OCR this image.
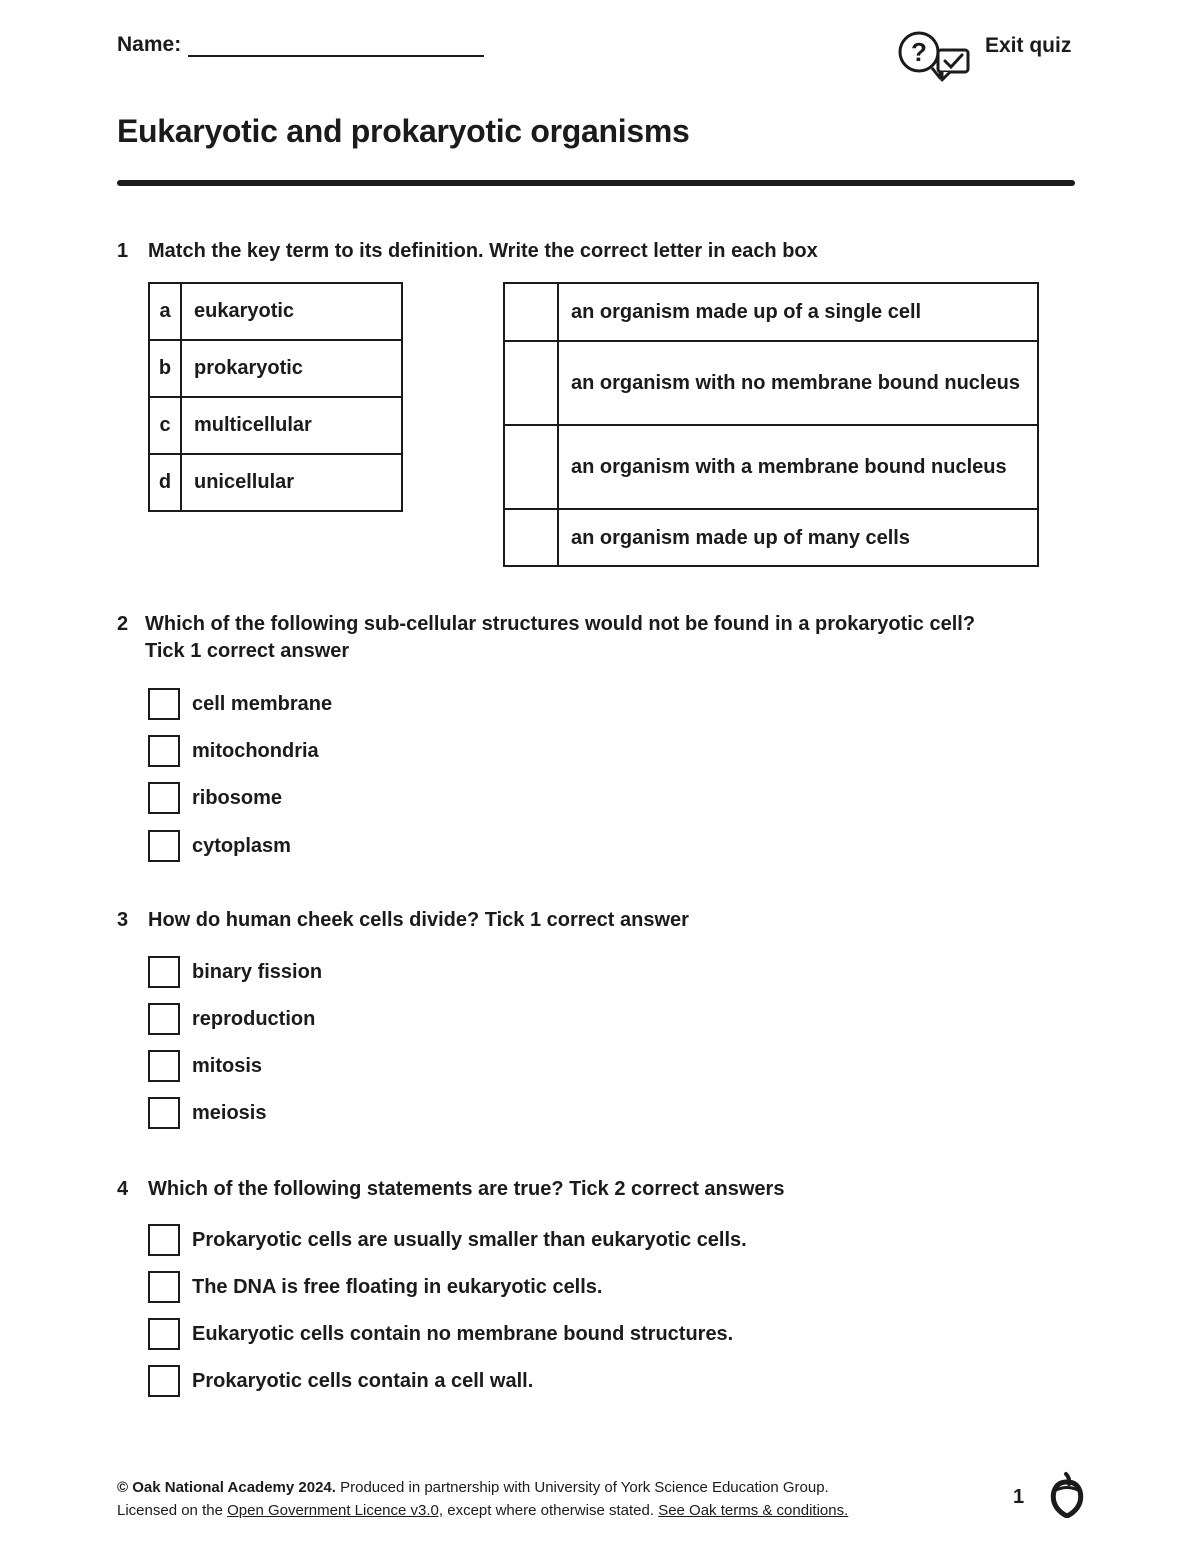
Name:	?	Exit quiz
Eukaryotic and prokaryotic organisms
1 Match the key term to its definition. Write the correct letter in each box
a	eukaryotic
b	prokaryotic
c	multicellular
d	unicellular
	an organism made up of a single cell
	an organism with no membrane bound nucleus
	an organism with a membrane bound nucleus
	an organism made up of many cells
2 Which of the following sub-cellular structures would not be found in a prokaryotic cell?
Tick 1 correct answer
cell membrane
mitochondria
ribosome
cytoplasm
3 How do human cheek cells divide? Tick 1 correct answer
binary fission
reproduction
mitosis
meiosis
4 Which of the following statements are true? Tick 2 correct answers
Prokaryotic cells are usually smaller than eukaryotic cells.
The DNA is free floating in eukaryotic cells.
Eukaryotic cells contain no membrane bound structures.
Prokaryotic cells contain a cell wall.
© Oak National Academy 2024. Produced in partnership with University of York Science Education Group.
Licensed on the Open Government Licence v3.0, except where otherwise stated. See Oak terms & conditions.
1
